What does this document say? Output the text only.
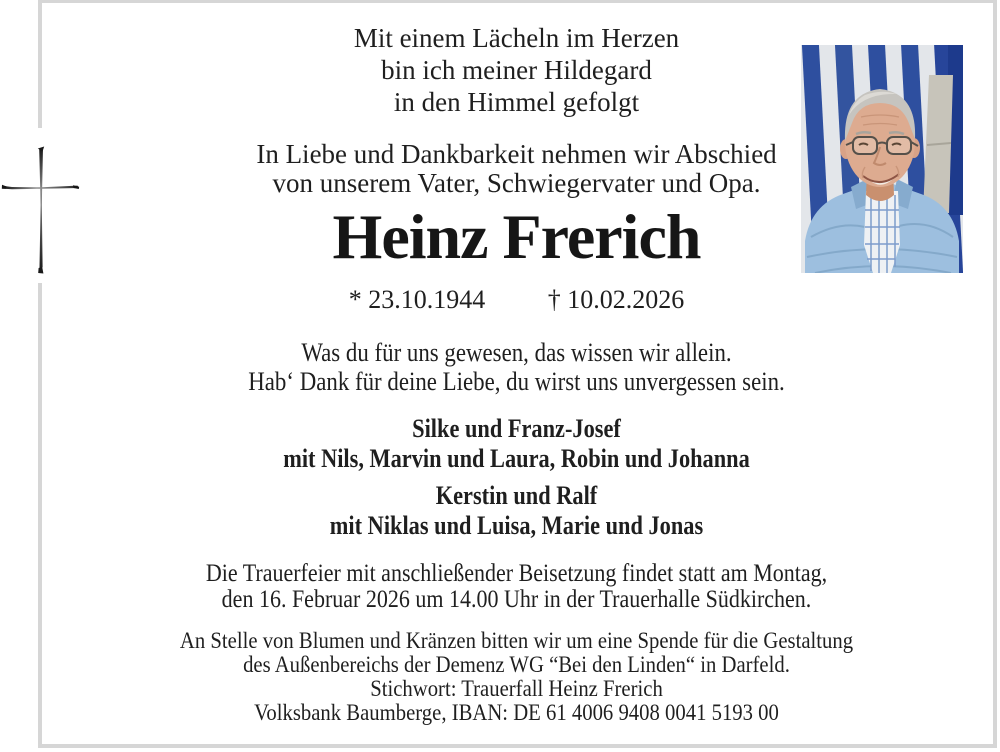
Mit einem Lächeln im Herzen
bin ich meiner Hildegard
in den Himmel gefolgt
In Liebe und Dankbarkeit nehmen wir Abschied
von unserem Vater, Schwiegervater und Opa.
Heinz Frerich
* 23.10.1944 † 10.02.2026
Was du für uns gewesen, das wissen wir allein.
Hab‘ Dank für deine Liebe, du wirst uns unvergessen sein.
Silke und Franz-Josef
mit Nils, Marvin und Laura, Robin und Johanna
Kerstin und Ralf
mit Niklas und Luisa, Marie und Jonas
Die Trauerfeier mit anschließender Beisetzung findet statt am Montag,
den 16. Februar 2026 um 14.00 Uhr in der Trauerhalle Südkirchen.
An Stelle von Blumen und Kränzen bitten wir um eine Spende für die Gestaltung
des Außenbereichs der Demenz WG “Bei den Linden“ in Darfeld.
Stichwort: Trauerfall Heinz Frerich
Volksbank Baumberge, IBAN: DE 61 4006 9408 0041 5193 00
